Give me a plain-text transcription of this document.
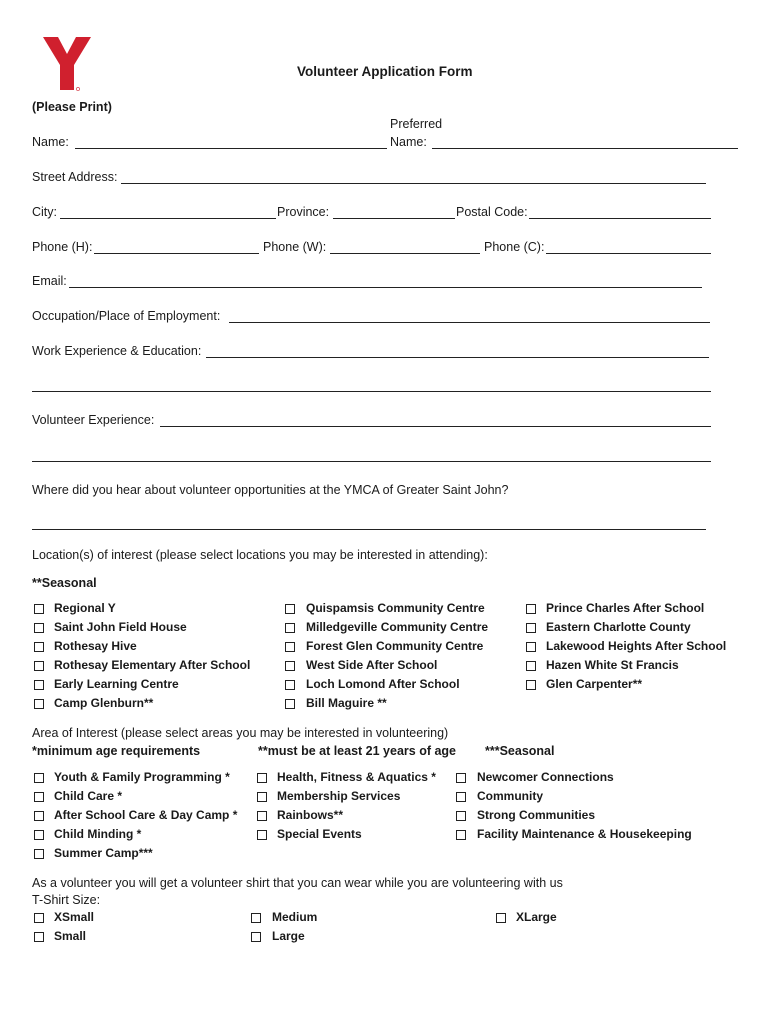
Volunteer Application Form
(Please Print)
Preferred
Name:	Name:
Street Address:
City:	Province:	Postal Code:
Phone (H):	Phone (W):	Phone (C):
Email:
Occupation/Place of Employment:
Work Experience & Education:
Volunteer Experience:
Where did you hear about volunteer opportunities at the YMCA of Greater Saint John?
Location(s) of interest (please select locations you may be interested in attending):
**Seasonal
Regional Y
Saint John Field House
Rothesay Hive
Rothesay Elementary After School
Early Learning Centre
Camp Glenburn**
Quispamsis Community Centre
Milledgeville Community Centre
Forest Glen Community Centre
West Side After School
Loch Lomond After School
Bill Maguire **
Prince Charles After School
Eastern Charlotte County
Lakewood Heights After School
Hazen White St Francis
Glen Carpenter**
Area of Interest (please select areas you may be interested in volunteering)
*minimum age requirements	**must be at least 21 years of age ***Seasonal
Youth & Family Programming *
Child Care *
After School Care & Day Camp *
Child Minding *
Summer Camp***
Health, Fitness & Aquatics *
Membership Services
Rainbows**
Special Events
Newcomer Connections
Community
Strong Communities
Facility Maintenance & Housekeeping
As a volunteer you will get a volunteer shirt that you can wear while you are volunteering with us
T-Shirt Size:
XSmall
Small
Medium
Large
XLarge
